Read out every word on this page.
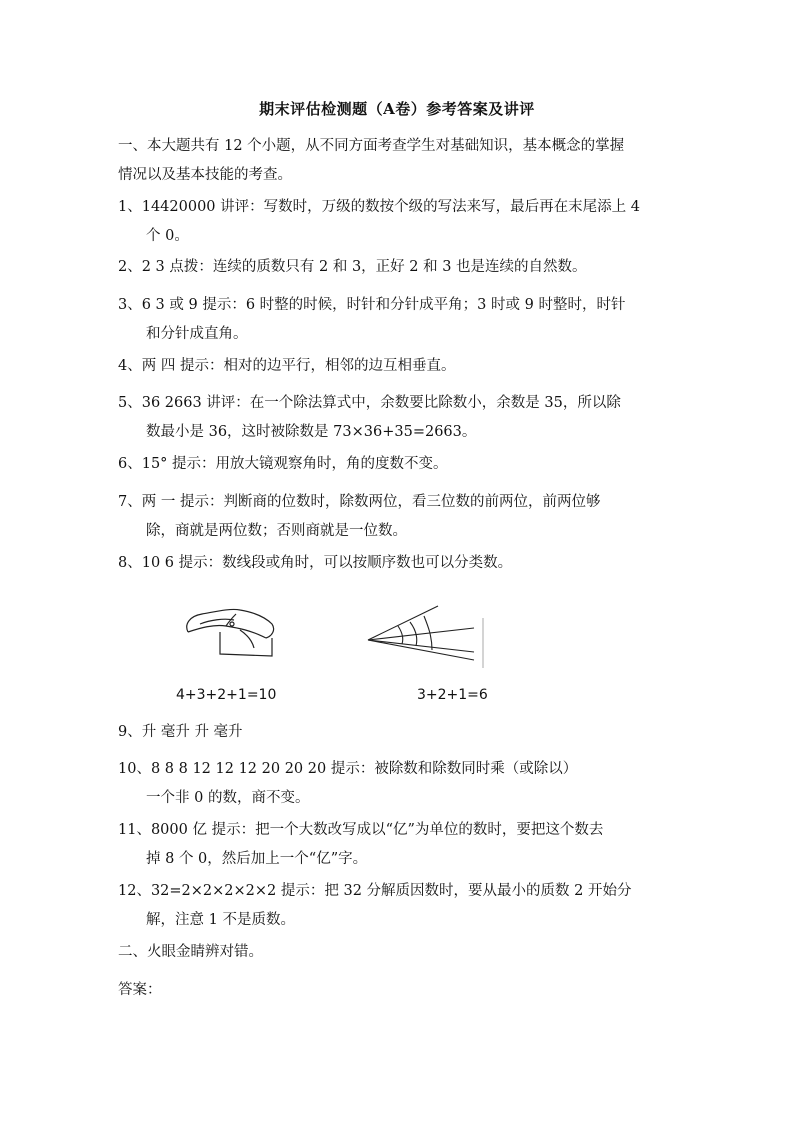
期末评估检测题（A卷）参考答案及讲评
一、本大题共有 12 个小题，从不同方面考查学生对基础知识，基本概念的掌握
情况以及基本技能的考查。
1、14420000 讲评：写数时，万级的数按个级的写法来写，最后再在末尾添上 4
个 0。
2、2 3 点拨：连续的质数只有 2 和 3，正好 2 和 3 也是连续的自然数。
3、6 3 或 9 提示：6 时整的时候，时针和分针成平角；3 时或 9 时整时，时针
和分针成直角。
4、两 四 提示：相对的边平行，相邻的边互相垂直。
5、36 2663 讲评：在一个除法算式中，余数要比除数小，余数是 35，所以除
数最小是 36，这时被除数是 73×36+35=2663。
6、15° 提示：用放大镜观察角时，角的度数不变。
7、两 一 提示：判断商的位数时，除数两位，看三位数的前两位，前两位够
除，商就是两位数；否则商就是一位数。
8、10 6 提示：数线段或角时，可以按顺序数也可以分类数。
4+3+2+1=10	3+2+1=6
9、升 毫升 升 毫升
10、8 8 8 12 12 12 20 20 20 提示：被除数和除数同时乘（或除以）
一个非 0 的数，商不变。
11、8000 亿 提示：把一个大数改写成以“亿”为单位的数时，要把这个数去
掉 8 个 0，然后加上一个“亿”字。
12、32=2×2×2×2×2 提示：把 32 分解质因数时，要从最小的质数 2 开始分
解，注意 1 不是质数。
二、火眼金睛辨对错。
答案：
